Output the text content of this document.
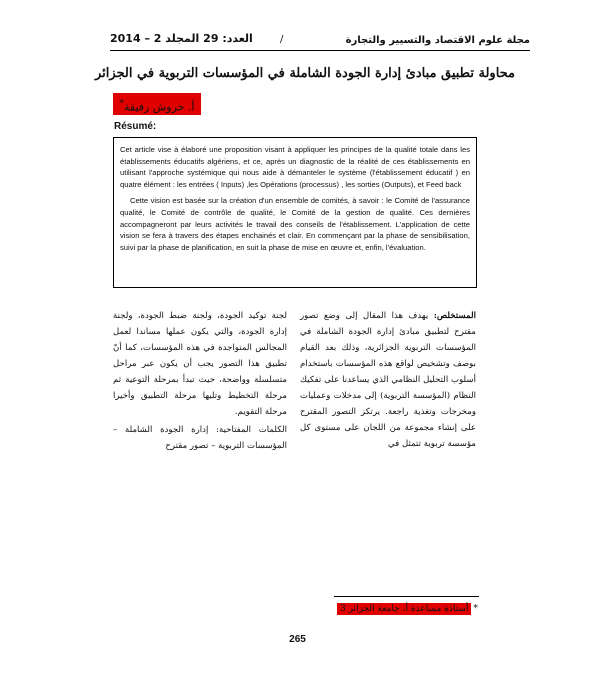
مجلة علوم الاقتصاد والتسيير والتجارة
/
العدد: 29 المجلد 2 – 2014
محاولة تطبيق مبادئ إدارة الجودة الشاملة في المؤسسات التربوية في الجزائر
أ. خروش رفيقة*
Résumé:

Cet article vise à élaboré une proposition visant à appliquer les principes de la qualité totale dans les établissements éducatifs algériens, et ce, après un diagnostic de la réalité de ces établissements en utilisant l'approche systémique qui nous aide à démanteler le système (l'établissement éducatif ) en quatre élément : les entrées ( Inputs) ,les Opérations (processus) , les sorties (Outputs), et Feed back

Cette vision est basée sur la création d'un ensemble de comités, à savoir : le Comité de l'assurance qualité, le Comité de contrôle de qualité, le Comité de la gestion de qualité. Ces dernières accompagneront par leurs activités le travail des conseils de l'établissement. L'application de cette vision se fera à travers des étapes enchainés et clair. En commençant par la phase de sensibilisation, suivi par la phase de planification, en suit la phase de mise en œuvre et, enfin, l'évaluation.

المستخلص: يهدف هذا المقال إلى وضع تصور مقترح لتطبيق مبادئ إدارة الجودة الشاملة في المؤسسات التربوية الجزائرية، وذلك بعد القيام بوصف وتشخيص لواقع هذه المؤسسات باستخدام أسلوب التحليل النظامي الذي يساعدنا على تفكيك النظام (المؤسسة التربوية) إلى مدخلات وعمليات ومخرجات وتغذية راجعة. يرتكز التصور المقترح على إنشاء مجموعة من اللجان على مستوى كل مؤسسة تربوية تتمثل في
لجنة توكيد الجودة، ولجنة ضبط الجودة، ولجنة إدارة الجودة، والتي يكون عملها مساندا لعمل المجالس المتواجدة في هذه المؤسسات، كما أنّ تطبيق هذا التصور يجب أن يكون عبر مراحل متسلسلة وواضحة، حيث تبدأ بمرحلة التوعية ثم مرحلة التخطيط وتليها مرحلة التطبيق وأخيرا مرحلة التقويم.
الكلمات المفتاحية: إدارة الجودة الشاملة – المؤسسات التربوية – تصور مقترح
*أستاذة مساعدة أ، جامعة الجزائر 3
265
